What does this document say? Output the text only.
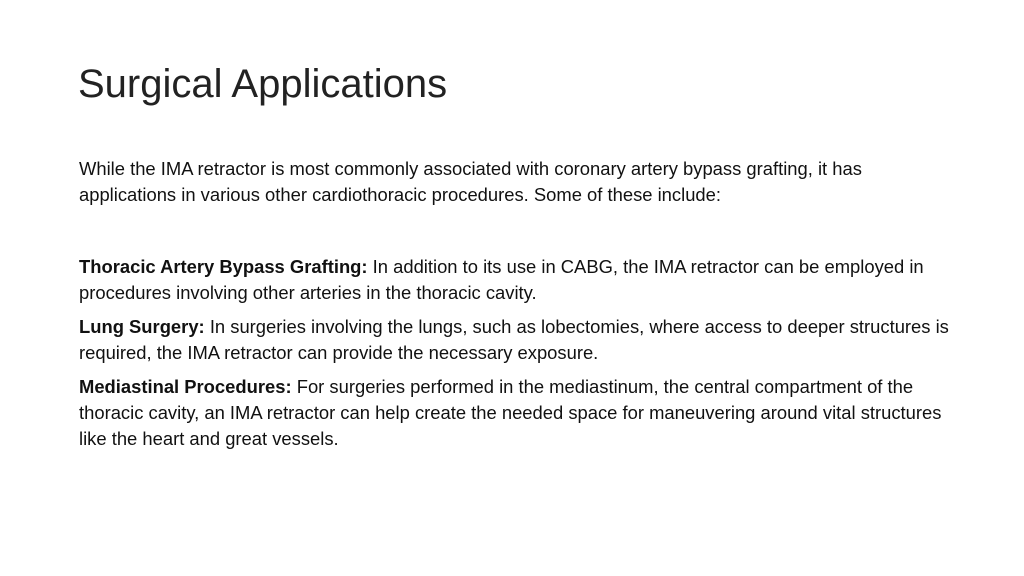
Surgical Applications

While the IMA retractor is most commonly associated with coronary artery bypass grafting, it has applications in various other cardiothoracic procedures. Some of these include:

Thoracic Artery Bypass Grafting: In addition to its use in CABG, the IMA retractor can be employed in procedures involving other arteries in the thoracic cavity.

Lung Surgery: In surgeries involving the lungs, such as lobectomies, where access to deeper structures is required, the IMA retractor can provide the necessary exposure.

Mediastinal Procedures: For surgeries performed in the mediastinum, the central compartment of the thoracic cavity, an IMA retractor can help create the needed space for maneuvering around vital structures like the heart and great vessels.
